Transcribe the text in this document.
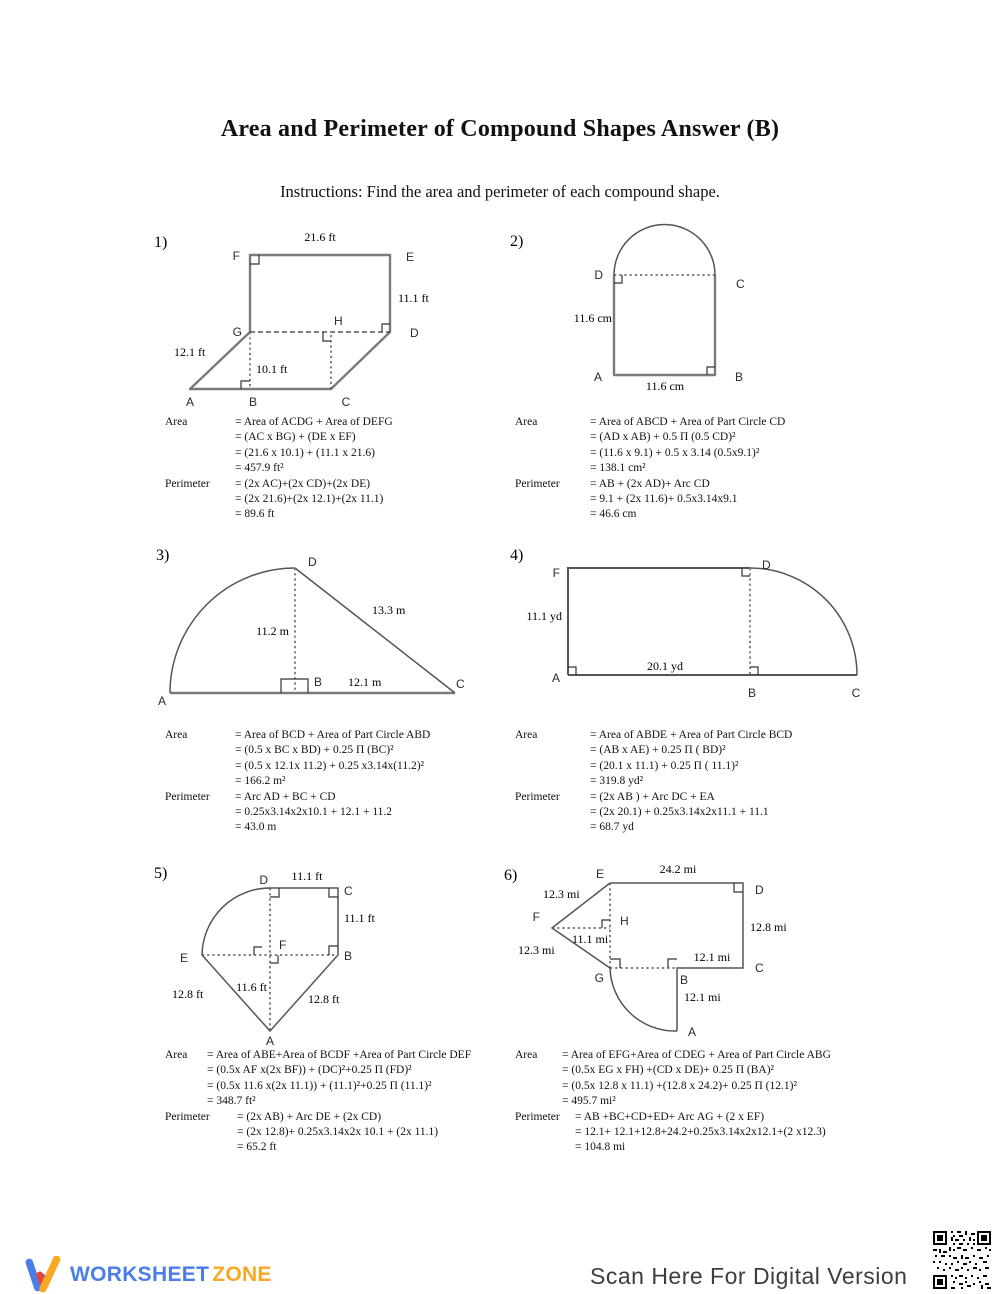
Area and Perimeter of Compound Shapes Answer (B)
Instructions: Find the area and perimeter of each compound shape.
1)
F	E
G
H
D
A	B	C
21.6 ft
11.1 ft
12.1 ft
10.1 ft
Area	= Area of ACDG + Area of DEFG
= (AC x BG) + (DE x EF)
= (21.6 x 10.1) + (11.1 x 21.6)
= 457.9 ft²
Perimeter	= (2x AC)+(2x CD)+(2x DE)
= (2x 21.6)+(2x 12.1)+(2x 11.1)
= 89.6 ft
2)
D
C
A	B
11.6 cm
11.6 cm
Area	= Area of ABCD + Area of Part Circle CD
= (AD x AB) + 0.5 Π (0.5 CD)²
= (11.6 x 9.1) + 0.5 x 3.14 (0.5x9.1)²
= 138.1 cm²
Perimeter	= AB + (2x AD)+ Arc CD
= 9.1 + (2x 11.6)+ 0.5x3.14x9.1
= 46.6 cm
3)
A
D
B	C
11.2 m
13.3 m
12.1 m
Area	= Area of BCD + Area of Part Circle ABD
= (0.5 x BC x BD) + 0.25 Π (BC)²
= (0.5 x 12.1x 11.2) + 0.25 x3.14x(11.2)²
= 166.2 m²
Perimeter	= Arc AD + BC + CD
= 0.25x3.14x2x10.1 + 12.1 + 11.2
= 43.0 m
4)
F
A
B	C
D
11.1 yd
20.1 yd
Area	= Area of ABDE + Area of Part Circle BCD
= (AB x AE) + 0.25 Π ( BD)²
= (20.1 x 11.1) + 0.25 Π ( 11.1)²
= 319.8 yd²
Perimeter	= (2x AB ) + Arc DC + EA
= (2x 20.1) + 0.25x3.14x2x11.1 + 11.1
= 68.7 yd
5)	D
C
E
F
B
A
11.1 ft
11.1 ft
12.8 ft	12.8 ft
11.6 ft
Area	= Area of ABE+Area of BCDF +Area of Part Circle DEF
= (0.5x AF x(2x BF)) + (DC)²+0.25 Π (FD)²
= (0.5x 11.6 x(2x 11.1)) + (11.1)²+0.25 Π (11.1)²
= 348.7 ft²
Perimeter	= (2x AB) + Arc DE + (2x CD)
= (2x 12.8)+ 0.25x3.14x2x 10.1 + (2x 11.1)
= 65.2 ft
6)	E
D
C
G	B
A
F	H
24.2 mi
12.3 mi
12.3 mi
11.1 mi
12.8 mi
12.1 mi
12.1 mi
Area	= Area of EFG+Area of CDEG + Area of Part Circle ABG
= (0.5x EG x FH) +(CD x DE)+ 0.25 Π (BA)²
= (0.5x 12.8 x 11.1) +(12.8 x 24.2)+ 0.25 Π (12.1)²
= 495.7 mi²
Perimeter	= AB +BC+CD+ED+ Arc AG + (2 x EF)
= 12.1+ 12.1+12.8+24.2+0.25x3.14x2x12.1+(2 x12.3)
= 104.8 mi
WORKSHEET ZONE	Scan Here For Digital Version
